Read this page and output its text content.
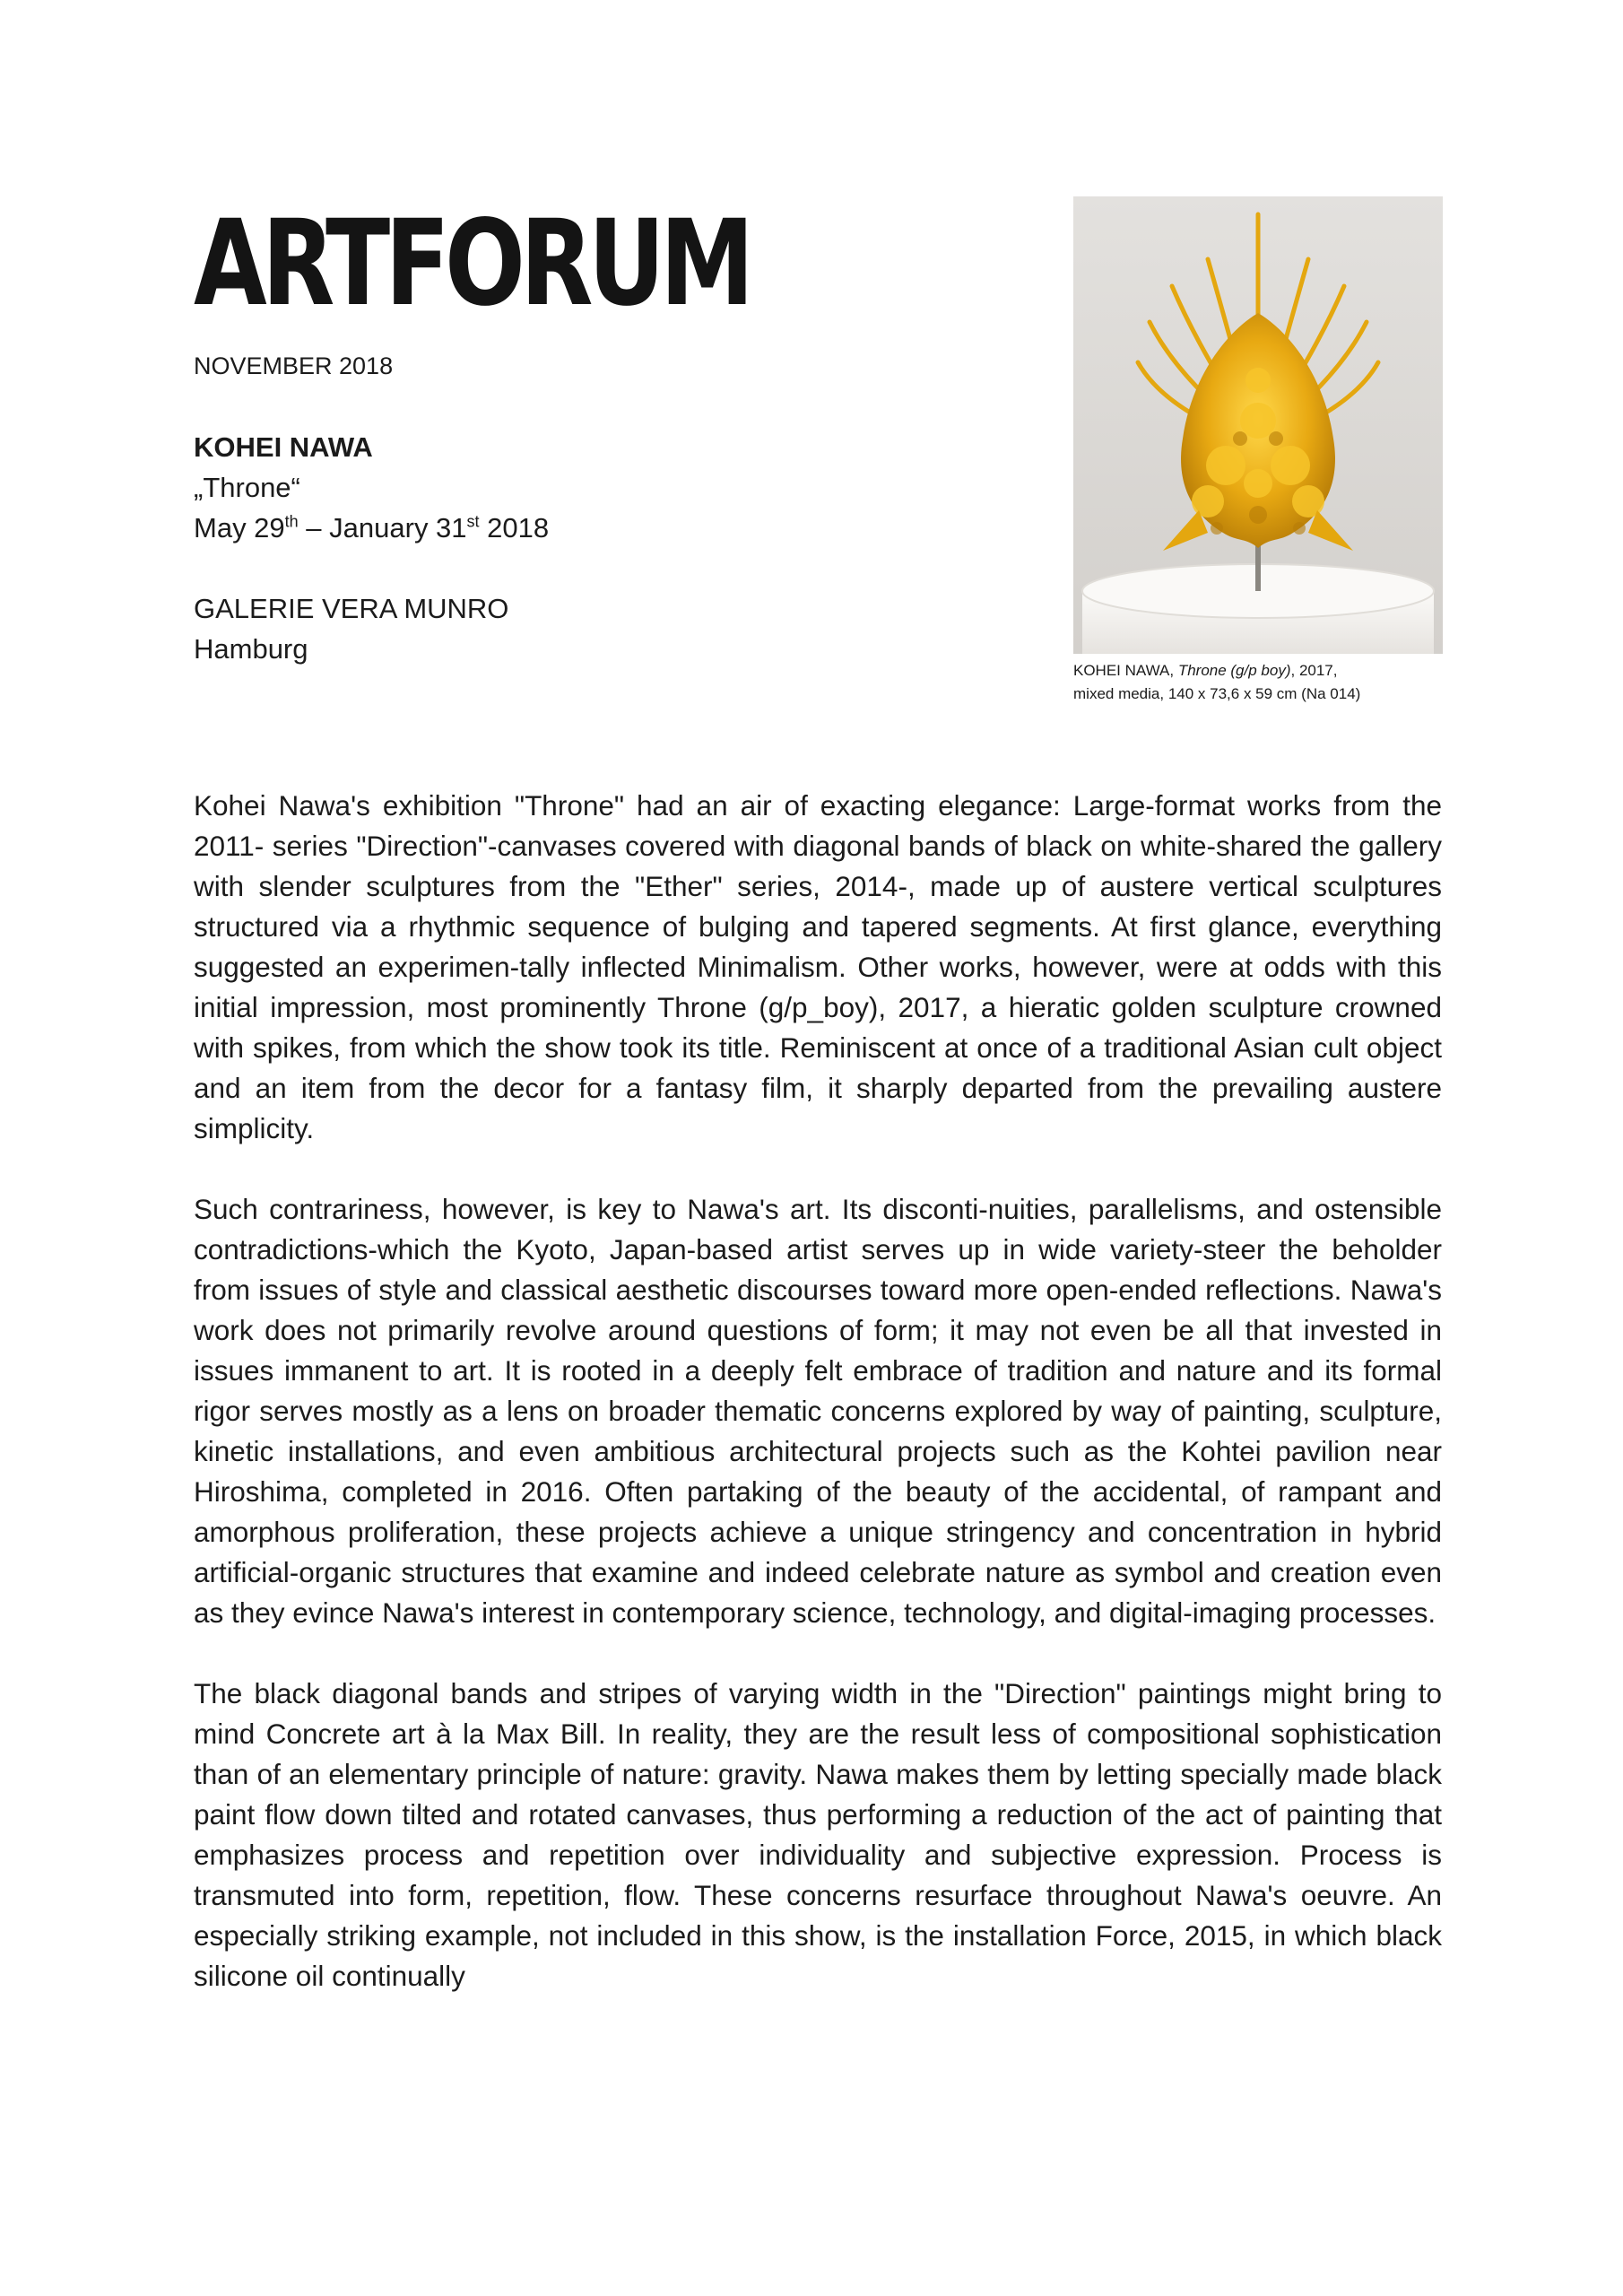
ARTFORUM
NOVEMBER 2018
KOHEI NAWA
„Throne“
May 29th – January 31st 2018
GALERIE VERA MUNRO
Hamburg
KOHEI NAWA, Throne (g/p boy), 2017,
mixed media, 140 x 73,6 x 59 cm (Na 014)

Kohei Nawa's exhibition "Throne" had an air of exacting elegance: Large-format works from the 2011- series "Direction"-canvases covered with diagonal bands of black on white-shared the gallery with slender sculptures from the "Ether" series, 2014-, made up of austere vertical sculptures structured via a rhythmic sequence of bulging and tapered segments. At first glance, everything suggested an experimen-tally inflected Minimalism. Other works, however, were at odds with this initial impression, most prominently Throne (g/p_boy), 2017, a hieratic golden sculpture crowned with spikes, from which the show took its title. Reminiscent at once of a traditional Asian cult object and an item from the decor for a fantasy film, it sharply departed from the prevailing austere simplicity.

Such contrariness, however, is key to Nawa's art. Its disconti-nuities, parallelisms, and ostensible contradictions-which the Kyoto, Japan-based artist serves up in wide variety-steer the beholder from issues of style and classical aesthetic discourses toward more open-ended reflections. Nawa's work does not primarily revolve around questions of form; it may not even be all that invested in issues immanent to art. It is rooted in a deeply felt embrace of tradition and nature and its formal rigor serves mostly as a lens on broader thematic concerns explored by way of painting, sculpture, kinetic installations, and even ambitious architectural projects such as the Kohtei pavilion near Hiroshima, completed in 2016. Often partaking of the beauty of the accidental, of rampant and amorphous proliferation, these projects achieve a unique stringency and concentration in hybrid artificial-organic structures that examine and indeed celebrate nature as symbol and creation even as they evince Nawa's interest in contemporary science, technology, and digital-imaging processes.

The black diagonal bands and stripes of varying width in the "Direction" paintings might bring to mind Concrete art à la Max Bill. In reality, they are the result less of compositional sophistication than of an elementary principle of nature: gravity. Nawa makes them by letting specially made black paint flow down tilted and rotated canvases, thus performing a reduction of the act of painting that emphasizes process and repetition over individuality and subjective expression. Process is transmuted into form, repetition, flow. These concerns resurface throughout Nawa's oeuvre. An especially striking example, not included in this show, is the installation Force, 2015, in which black silicone oil continually
